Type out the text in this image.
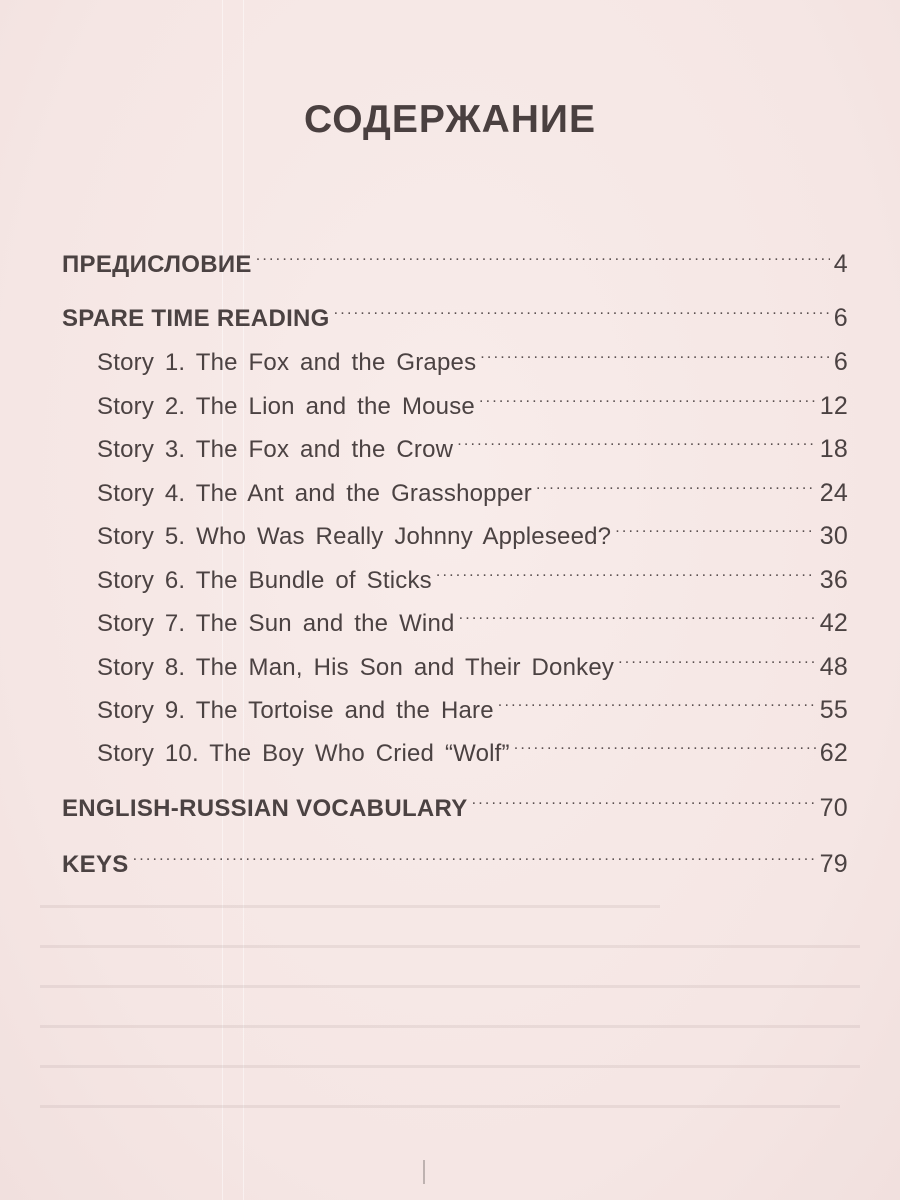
СОДЕРЖАНИЕ
ПРЕДИСЛОВИЕ .....	4
SPARE TIME READING .....	6
Story 1. The Fox and the Grapes .....	6
Story 2. The Lion and the Mouse .....	12
Story 3. The Fox and the Crow .....	18
Story 4. The Ant and the Grasshopper .....	24
Story 5. Who Was Really Johnny Appleseed? .....	30
Story 6. The Bundle of Sticks .....	36
Story 7. The Sun and the Wind .....	42
Story 8. The Man, His Son and Their Donkey .....	48
Story 9. The Tortoise and the Hare .....	55
Story 10. The Boy Who Cried “Wolf” .....	62
ENGLISH-RUSSIAN VOCABULARY .....	70
KEYS .....	79
